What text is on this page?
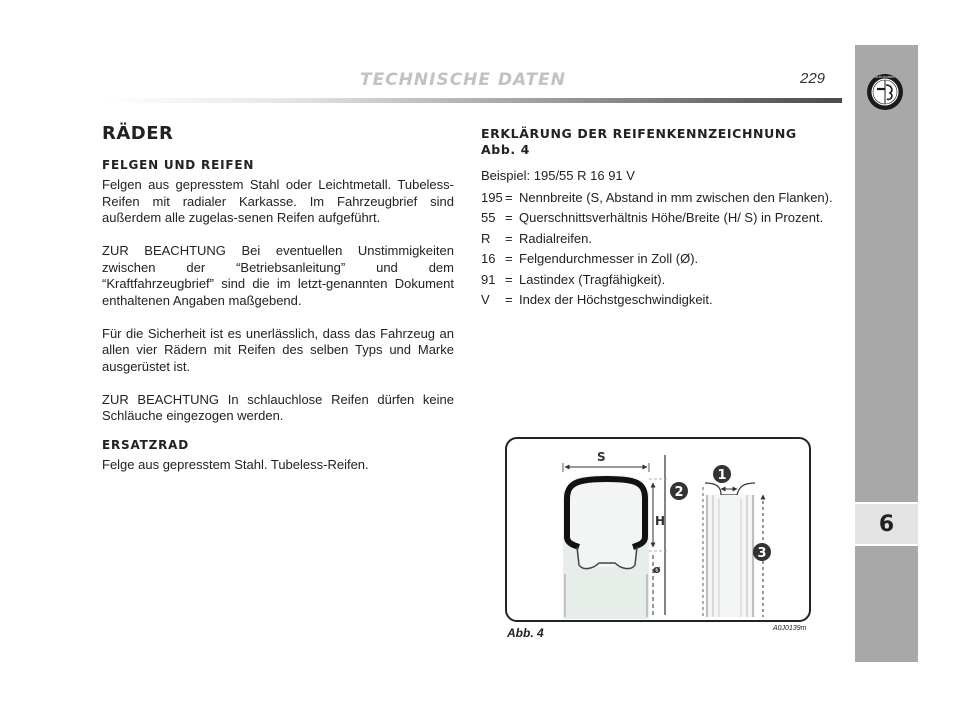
TECHNISCHE DATEN	229	ALFA ROMEO
6
RÄDER
FELGEN UND REIFEN

Felgen aus gepresstem Stahl oder Leichtmetall. Tubeless-Reifen mit radialer Karkasse. Im Fahrzeugbrief sind außerdem alle zugelas-senen Reifen aufgeführt.

ZUR BEACHTUNG Bei eventuellen Unstimmigkeiten zwischen der “Betriebsanleitung” und dem “Kraftfahrzeugbrief” sind die im letzt-genannten Dokument enthaltenen Angaben maßgebend.

Für die Sicherheit ist es unerlässlich, dass das Fahrzeug an allen vier Rädern mit Reifen des selben Typs und Marke ausgerüstet ist.

ZUR BEACHTUNG In schlauchlose Reifen dürfen keine Schläuche eingezogen werden.

ERSATZRAD

Felge aus gepresstem Stahl. Tubeless-Reifen.

ERKLÄRUNG DER REIFENKENNZEICHNUNG
Abb. 4
Beispiel: 195/55 R 16 91 V
195 = Nennbreite (S, Abstand in mm zwischen den Flanken).
55 = Querschnittsverhältnis Höhe/Breite (H/ S) in Prozent.
R	= Radialreifen.
16 = Felgendurchmesser in Zoll (Ø).
91 = Lastindex (Tragfähigkeit).
V	= Index der Höchstgeschwindigkeit.
S
H
ø
1
2
3
Abb. 4	A0J0139m
